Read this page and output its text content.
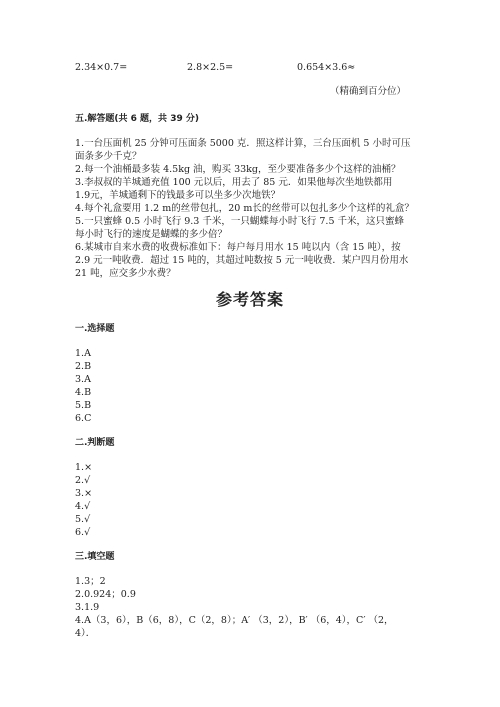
2.34×0.7=	2.8×2.5=	0.654×3.6≈
（精确到百分位）
五.解答题(共 6 题，共 39 分)
1.一台压面机 25 分钟可压面条 5000 克．照这样计算，三台压面机 5 小时可压
面条多少千克？
2.每一个油桶最多装 4.5kg 油，购买 33kg，至少要准备多少个这样的油桶？
3.李叔叔的羊城通充值 100 元以后，用去了 85 元．如果他每次坐地铁都用
1.9元，羊城通剩下的钱最多可以坐多少次地铁？
4.每个礼盒要用 1.2 m的丝带包扎，20 m长的丝带可以包扎多少个这样的礼盒？
5.一只蜜蜂 0.5 小时飞行 9.3 千米，一只蝴蝶每小时飞行 7.5 千米，这只蜜蜂
每小时飞行的速度是蝴蝶的多少倍？
6.某城市自来水费的收费标准如下：每户每月用水 15 吨以内（含 15 吨），按
2.9 元一吨收费．超过 15 吨的，其超过吨数按 5 元一吨收费．某户四月份用水
21 吨，应交多少水费？
参考答案
一.选择题
1.A
2.B
3.A
4.B
5.B
6.C
二.判断题
1.×
2.√
3.×
4.√
5.√
6.√
三.填空题
1.3；2
2.0.924；0.9
3.1.9
4.A（3，6），B（6，8），C（2，8）；A′ （3，2），B′ （6，4），C′ （2，
4）．
